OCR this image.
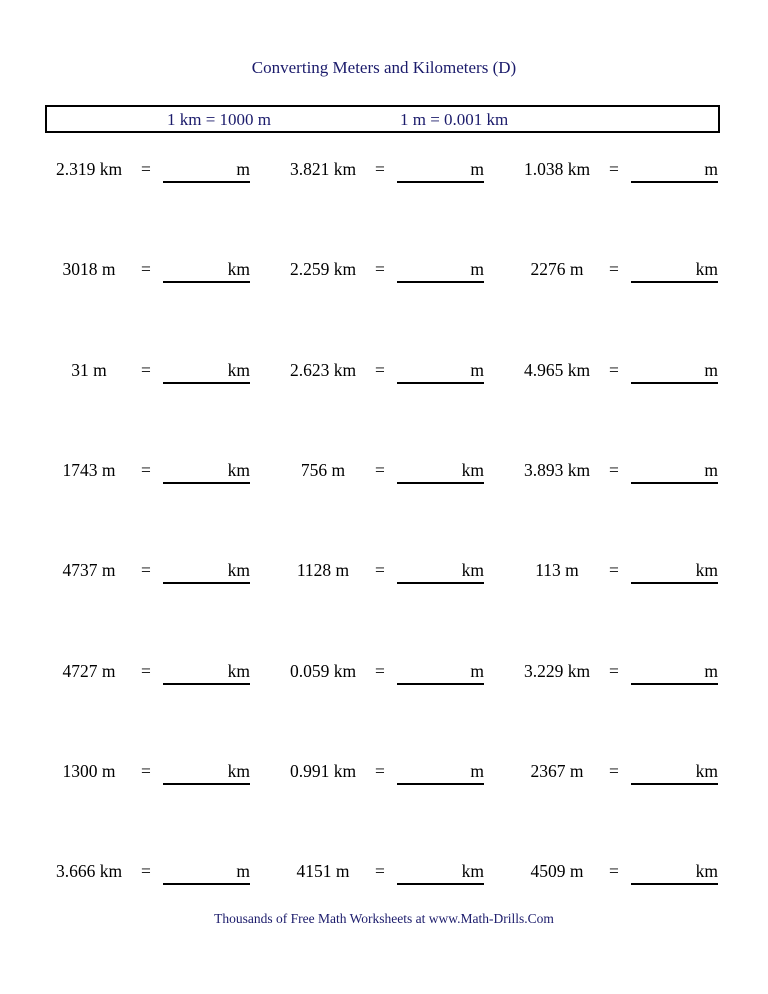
Converting Meters and Kilometers (D)
1 km = 1000 m	1 m = 0.001 km
2.319 km	=	m	3.821 km	=	m	1.038 km	=	m
3018 m	=	km	2.259 km	=	m	2276 m	=	km
31 m	=	km	2.623 km	=	m	4.965 km	=	m
1743 m	=	km	756 m	=	km	3.893 km	=	m
4737 m	=	km	1128 m	=	km	113 m	=	km
4727 m	=	km	0.059 km	=	m	3.229 km	=	m
1300 m	=	km	0.991 km	=	m	2367 m	=	km
3.666 km	=	m	4151 m	=	km	4509 m	=	km
Thousands of Free Math Worksheets at www.Math-Drills.Com
